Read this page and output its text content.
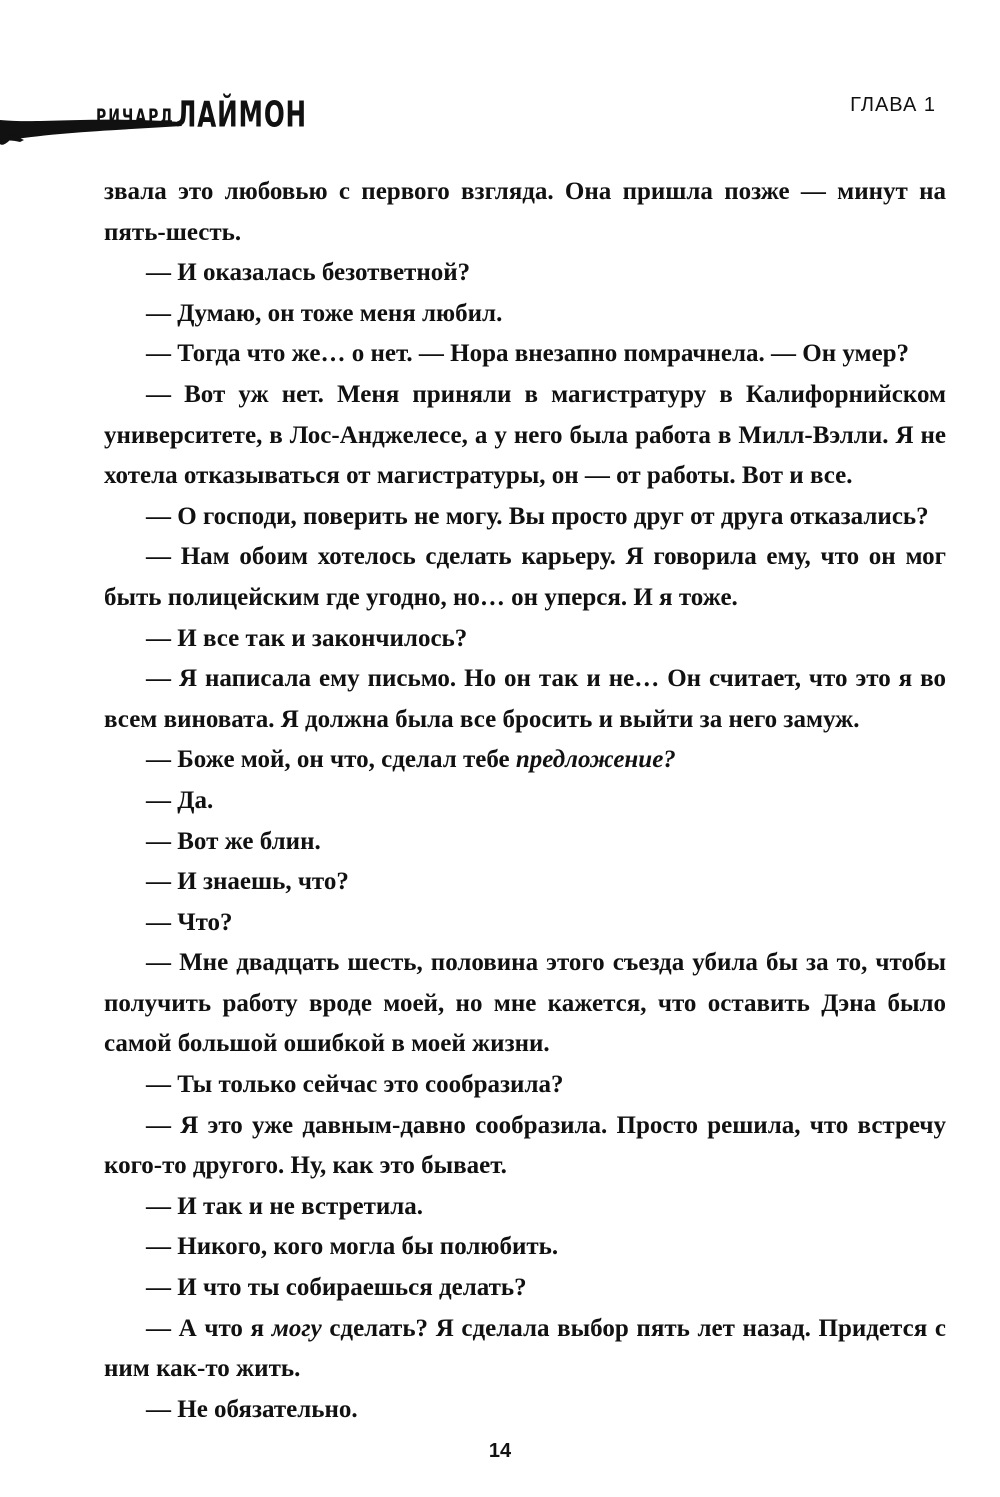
РИЧАРД ЛАЙМОН	ГЛАВА 1

звала это любовью с первого взгляда. Она пришла позже — минут на пять-шесть.

— И оказалась безответной?

— Думаю, он тоже меня любил.

— Тогда что же… о нет. — Нора внезапно помрачнела. — Он умер?

— Вот уж нет. Меня приняли в магистратуру в Калифорнийском университете, в Лос-Анджелесе, а у него была работа в Милл-Вэлли. Я не хотела отказываться от магистратуры, он — от работы. Вот и все.

— О господи, поверить не могу. Вы просто друг от друга отказались?

— Нам обоим хотелось сделать карьеру. Я говорила ему, что он мог быть полицейским где угодно, но… он уперся. И я тоже.

— И все так и закончилось?

— Я написала ему письмо. Но он так и не… Он считает, что это я во всем виновата. Я должна была все бросить и выйти за него замуж.

— Боже мой, он что, сделал тебе предложение?

— Да.

— Вот же блин.

— И знаешь, что?

— Что?

— Мне двадцать шесть, половина этого съезда убила бы за то, чтобы получить работу вроде моей, но мне кажется, что оставить Дэна было самой большой ошибкой в моей жизни.

— Ты только сейчас это сообразила?

— Я это уже давным-давно сообразила. Просто решила, что встречу кого-то другого. Ну, как это бывает.

— И так и не встретила.

— Никого, кого могла бы полюбить.

— И что ты собираешься делать?

— А что я могу сделать? Я сделала выбор пять лет назад. Придется с ним как-то жить.

— Не обязательно.

14
